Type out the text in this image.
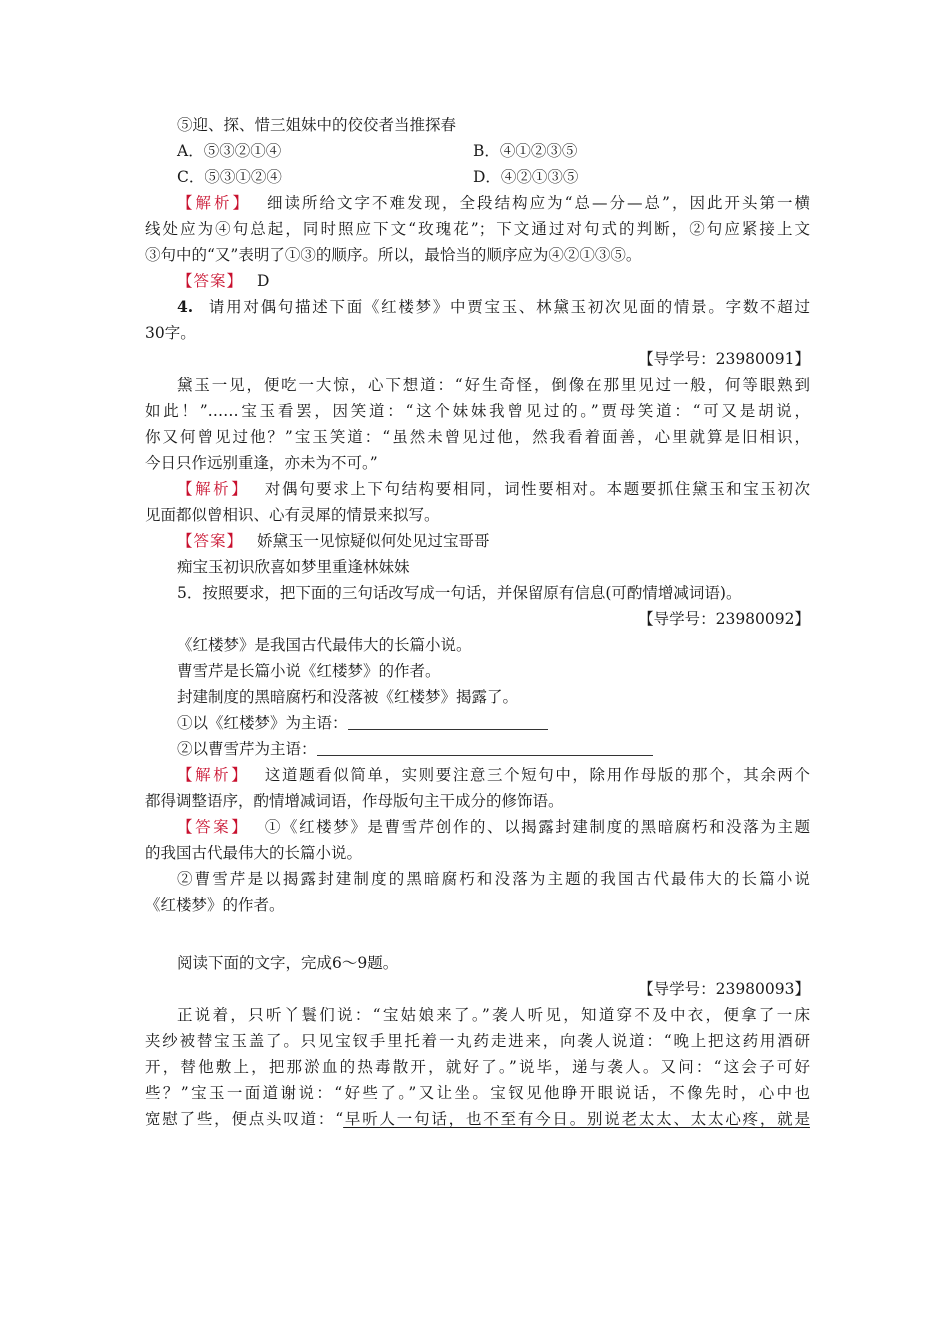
⑤迎、探、惜三姐妹中的佼佼者当推探春
A．⑤③②①④	B．④①②③⑤
C．⑤③①②④	D．④②①③⑤
【解析】 细读所给文字不难发现，全段结构应为“总—分—总”，因此开头第一横
线处应为④句总起，同时照应下文“玫瑰花”；下文通过对句式的判断，②句应紧接上文
③句中的“又”表明了①③的顺序。所以，最恰当的顺序应为④②①③⑤。
【答案】 D
4. 请用对偶句描述下面《红楼梦》中贾宝玉、林黛玉初次见面的情景。字数不超过
30字。
【导学号：23980091】
黛玉一见，便吃一大惊，心下想道：“好生奇怪，倒像在那里见过一般，何等眼熟到
如此！”……宝玉看罢，因笑道：“这个妹妹我曾见过的。”贾母笑道：“可又是胡说，
你又何曾见过他？”宝玉笑道：“虽然未曾见过他，然我看着面善，心里就算是旧相识，
今日只作远别重逢，亦未为不可。”
【解析】 对偶句要求上下句结构要相同，词性要相对。本题要抓住黛玉和宝玉初次
见面都似曾相识、心有灵犀的情景来拟写。
【答案】 娇黛玉一见惊疑似何处见过宝哥哥
痴宝玉初识欣喜如梦里重逢林妹妹
5．按照要求，把下面的三句话改写成一句话，并保留原有信息(可酌情增减词语)。
【导学号：23980092】
《红楼梦》是我国古代最伟大的长篇小说。
曹雪芹是长篇小说《红楼梦》的作者。
封建制度的黑暗腐朽和没落被《红楼梦》揭露了。
①以《红楼梦》为主语：
②以曹雪芹为主语：
【解析】 这道题看似简单，实则要注意三个短句中，除用作母版的那个，其余两个
都得调整语序，酌情增减词语，作母版句主干成分的修饰语。
【答案】 ①《红楼梦》是曹雪芹创作的、以揭露封建制度的黑暗腐朽和没落为主题
的我国古代最伟大的长篇小说。
②曹雪芹是以揭露封建制度的黑暗腐朽和没落为主题的我国古代最伟大的长篇小说
《红楼梦》的作者。
阅读下面的文字，完成6～9题。
【导学号：23980093】
正说着，只听丫鬟们说：“宝姑娘来了。”袭人听见，知道穿不及中衣，便拿了一床
夹纱被替宝玉盖了。只见宝钗手里托着一丸药走进来，向袭人说道：“晚上把这药用酒研
开，替他敷上，把那淤血的热毒散开，就好了。”说毕，递与袭人。又问：“这会子可好
些？”宝玉一面道谢说：“好些了。”又让坐。宝钗见他睁开眼说话，不像先时，心中也
宽慰了些，便点头叹道：“早听人一句话，也不至有今日。别说老太太、太太心疼，就是
